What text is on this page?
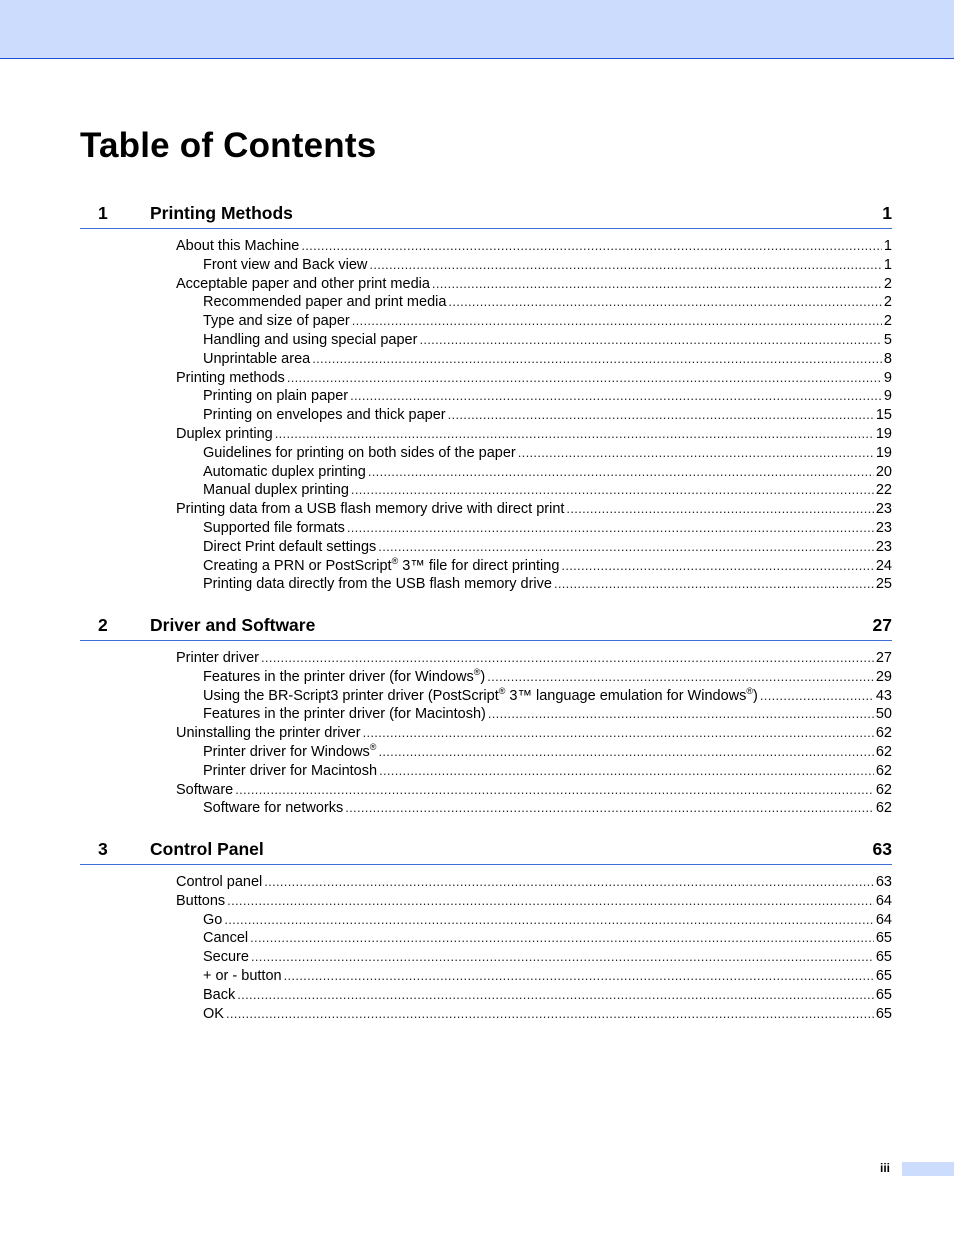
Table of Contents
1 Printing Methods	1
About this Machine .....	1
Front view and Back view .....	1
Acceptable paper and other print media .....	2
Recommended paper and print media .....	2
Type and size of paper .....	2
Handling and using special paper .....	5
Unprintable area .....	8
Printing methods .....	9
Printing on plain paper .....	9
Printing on envelopes and thick paper .....	15
Duplex printing .....	19
Guidelines for printing on both sides of the paper .....	19
Automatic duplex printing .....	20
Manual duplex printing .....	22
Printing data from a USB flash memory drive with direct print .....	23
Supported file formats .....	23
Direct Print default settings .....	23
Creating a PRN or PostScript® 3™ file for direct printing .....	24
Printing data directly from the USB flash memory drive .....	25
2 Driver and Software	27
Printer driver .....	27
Features in the printer driver (for Windows®) .....	29
Using the BR-Script3 printer driver (PostScript® 3™ language emulation for Windows®) .....	43
Features in the printer driver (for Macintosh) .....	50
Uninstalling the printer driver .....	62
Printer driver for Windows® .....	62
Printer driver for Macintosh .....	62
Software .....	62
Software for networks .....	62
3 Control Panel	63
Control panel .....	63
Buttons .....	64
Go .....	64
Cancel .....	65
Secure .....	65
+ or - button .....	65
Back .....	65
OK .....	65
iii
